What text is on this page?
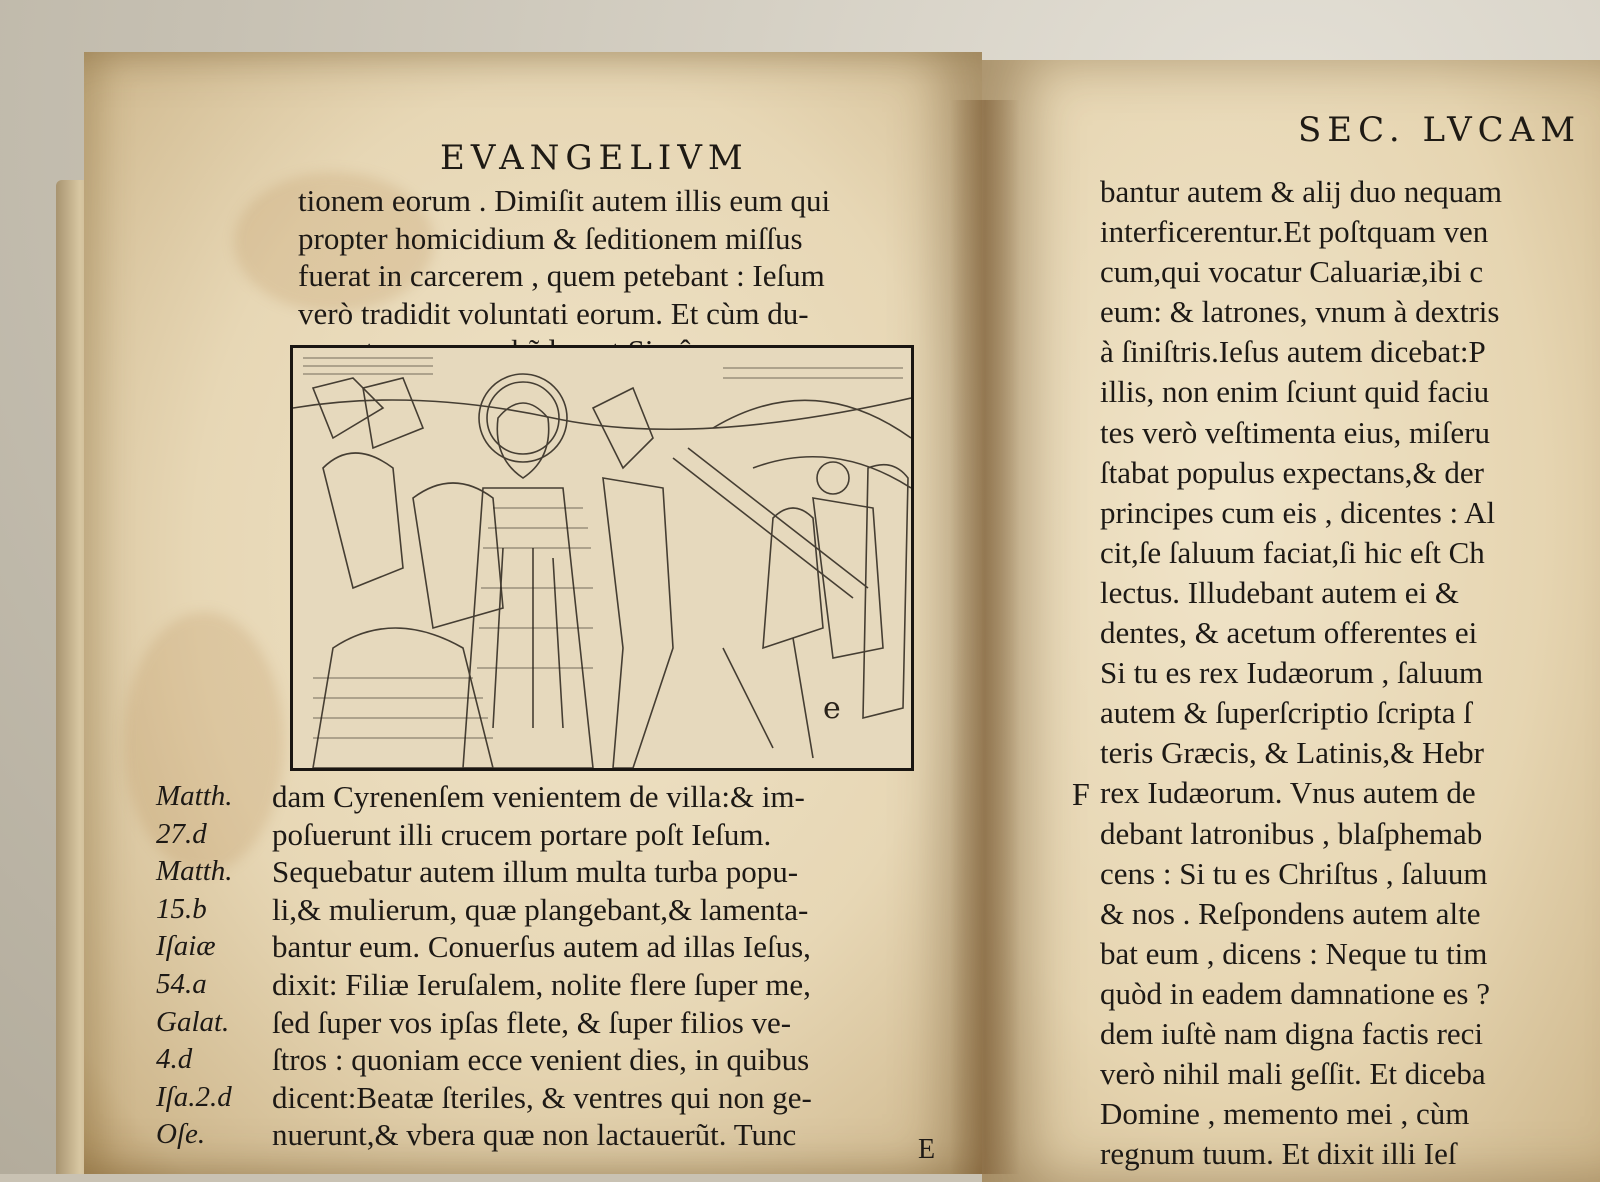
EVANGELIVM
SEC. LVCAM
tionem eorum . Dimiſit autem illis eum qui
propter homicidium & ſeditionem miſſus
fuerat in carcerem , quem petebant : Ieſum
verò tradidit voluntati eorum. Et cùm du-
e
Matth.
27.d
Matth.
15.b
Iſaiæ
54.a
Galat.
4.d
Iſa.2.d
Oſe.
dam Cyrenenſem venientem de villa:& im-
poſuerunt illi crucem portare poſt Ieſum.
Sequebatur autem illum multa turba popu-
li,& mulierum, quæ plangebant,& lamenta-
bantur eum. Conuerſus autem ad illas Ieſus,
dixit: Filiæ Ieruſalem, nolite flere ſuper me,
ſed ſuper vos ipſas flete, & ſuper filios ve-
ſtros : quoniam ecce venient dies, in quibus
dicent:Beatæ ſteriles, & ventres qui non ge-
nuerunt,& vbera quæ non lactauerũt. Tunc	E
bantur autem & alij duo nequam
interficerentur.Et poſtquam ven
cum,qui vocatur Caluariæ,ibi c
eum: & latrones, vnum à dextris
à ſiniſtris.Ieſus autem dicebat:P
illis, non enim ſciunt quid faciu
tes verò veſtimenta eius, miſeru
ſtabat populus expectans,& der
principes cum eis , dicentes : Al
cit,ſe ſaluum faciat,ſi hic eſt Ch
lectus. Illudebant autem ei &
dentes, & acetum offerentes ei
Si tu es rex Iudæorum , ſaluum
autem & ſuperſcriptio ſcripta ſ
teris Græcis, & Latinis,& Hebr
rex Iudæorum. Vnus autem de
debant latronibus , blaſphemab
cens : Si tu es Chriſtus , ſaluum
& nos . Reſpondens autem alte
bat eum , dicens : Neque tu tim
quòd in eadem damnatione es ?
dem iuſtè nam digna factis reci
verò nihil mali geſſit. Et diceba
Domine , memento mei , cùm
regnum tuum. Et dixit illi Ieſ
F
